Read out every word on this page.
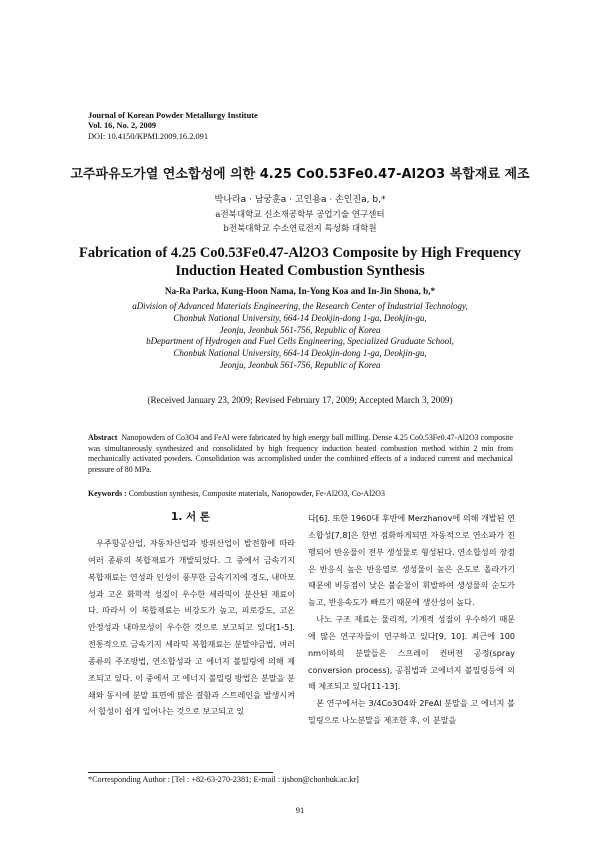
Journal of Korean Powder Metallurgy Institute
Vol. 16, No. 2, 2009
DOI: 10.4150/KPMI.2009.16.2.091
고주파유도가열 연소합성에 의한 4.25 Co0.53Fe0.47-Al2O3 복합재료 제조
박나라a · 남궁훈a · 고인용a · 손인진a, b,*
a전북대학교 신소재공학부 공업기술 연구센터
b전북대학교 수소연료전지 특성화 대학원
Fabrication of 4.25 Co0.53Fe0.47-Al2O3 Composite by High Frequency Induction Heated Combustion Synthesis
Na-Ra Parka, Kung-Hoon Nama, In-Yong Koa and In-Jin Shona, b,*
aDivision of Advanced Materials Engineering, the Research Center of Industrial Technology,
Chonbuk National University, 664-14 Deokjin-dong 1-ga, Deokjin-gu,
Jeonju, Jeonbuk 561-756, Republic of Korea
bDepartment of Hydrogen and Fuel Cells Engineering, Specialized Graduate School,
Chonbuk National University, 664-14 Deokjin-dong 1-ga, Deokjin-gu,
Jeonju, Jeonbuk 561-756, Republic of Korea
(Received January 23, 2009; Revised February 17, 2009; Accepted March 3, 2009)
Abstract Nanopowders of Co3O4 and FeAl were fabricated by high energy ball milling. Dense 4.25 Co0.53Fe0.47-Al2O3 composite was simultaneously synthesized and consolidated by high frequency induction heated combustion method within 2 min from mechanically activated powders. Consolidation was accomplished under the combined effects of a induced current and mechanical pressure of 80 MPa.
Keywords : Combustion synthesis, Composite materials, Nanopowder, Fe-Al2O3, Co-Al2O3
1. 서 론

우주항공산업, 자동차산업과 방위산업이 발전함에 따라 여러 종류의 복합재료가 개발되었다. 그 중에서 금속기지 복합재료는 연성과 인성이 풍부한 금속기지에 경도, 내마모성과 고온 화학적 성질이 우수한 세라믹이 분산된 재료이다. 따라서 이 복합재료는 비강도가 높고, 피로강도, 고온 안정성과 내마모성이 우수한 것으로 보고되고 있다[1-5]. 전통적으로 금속기지 세라믹 복합재료는 분말야금법, 여러 종류의 주조방법, 연소합성과 고 에너지 볼밀링에 의해 제조되고 있다. 이 중에서 고 에너지 볼밀링 방법은 분말을 분쇄와 동시에 분말 표면에 많은 결함과 스트레인을 발생시켜서 합성이 쉽게 일어나는 것으로 보고되고 있

다[6]. 또한 1960대 후반에 Merzhanov에 의해 개발된 연소합성[7,8]은 한번 점화하게되면 자동적으로 연소파가 진행되어 반응물이 전부 생성물로 형성된다. 연소합성의 장점은 반응식 높은 반응열로 생성물이 높은 온도로 올라가기 때문에 비등점이 낮은 불순물이 휘발하여 생성물의 순도가 높고, 반응속도가 빠르기 때문에 생산성이 높다.

나노 구조 재료는 물리적, 기계적 성질이 우수하기 때문에 많은 연구자들이 연구하고 있다[9, 10]. 최근에 100 nm이하의 분말들은 스프레이 컨버젼 공정(spray conversion process), 공침법과 고에너지 볼밀링등에 의해 제조되고 있다[11-13].

본 연구에서는 3/4Co3O4와 2FeAl 분말을 고 에너지 볼밀링으로 나노분말을 제조한 후, 이 분말을

*Corresponding Author : [Tel : +82-63-270-2381; E-mail : ijshon@chonbuk.ac.kr]
91
